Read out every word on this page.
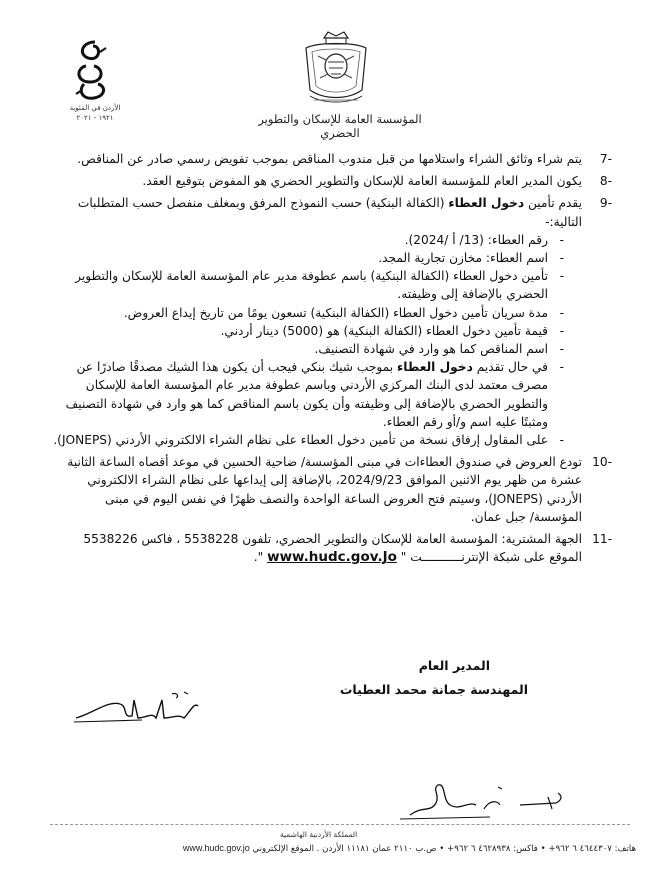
الأردن في المئوية
١٩٢١ - ٢٠٢١	المؤسسة العامة للإسكان والتطوير الحضري
-7
يتم شراء وثائق الشراء واستلامها من قبل مندوب المناقص بموجب تفويض رسمي صادر عن المناقص.
-8
يكون المدير العام للمؤسسة العامة للإسكان والتطوير الحضري هو المفوض بتوقيع العقد.
-9
يقدم تأمين دخول العطاء (الكفالة البنكية) حسب النموذج المرفق وبمغلف منفصل حسب المتطلبات التالية:-
- رقم العطاء: (13/ أ /2024).
- اسم العطاء: مخازن تجارية المجد.
- تأمين دخول العطاء (الكفالة البنكية) باسم عطوفة مدير عام المؤسسة العامة للإسكان والتطوير الحضري بالإضافة إلى وظيفته.
- مدة سريان تأمين دخول العطاء (الكفالة البنكية) تسعون يومًا من تاريخ إيداع العروض.
- قيمة تأمين دخول العطاء (الكفالة البنكية) هو (5000) دينار أردني.
- اسم المناقص كما هو وارد في شهادة التصنيف.
- في حال تقديم دخول العطاء بموجب شيك بنكي فيجب أن يكون هذا الشيك مصدقًا صادرًا عن مصرف معتمد لدى البنك المركزي الأردني وباسم عطوفة مدير عام المؤسسة العامة للإسكان والتطوير الحضري بالإضافة إلى وظيفته وأن يكون باسم المناقص كما هو وارد في شهادة التصنيف ومثبتًا عليه اسم و/أو رقم العطاء.
- على المقاول إرفاق نسخة من تأمين دخول العطاء على نظام الشراء الالكتروني الأردني (JONEPS).
-10
تودع العروض في صندوق العطاءات في مبنى المؤسسة/ ضاحية الحسين في موعد أقصاه الساعة الثانية عشرة من ظهر يوم الاثنين الموافق 2024/9/23، بالإضافة إلى إيداعها على نظام الشراء الالكتروني الأردني (JONEPS)، وسيتم فتح العروض الساعة الواحدة والنصف ظهرًا في نفس اليوم في مبنى المؤسسة/ جبل عمان.
-11
الجهة المشترية: المؤسسة العامة للإسكان والتطوير الحضري، تلفون 5538228 ، فاكس 5538226 الموقع على شبكة الإنترنـــــــــــت " www.hudc.gov.Jo ".
المدير العام
المهندسة جمانة محمد العطيات
المملكة الأردنية الهاشمية
هاتف: ٤٦٤٤٣٠٧ ٦ ٩٦٢+ • فاكس: ٤٦٢٨٩٣٨ ٦ ٩٦٢+ • ص.ب ٢١١٠ عمان ١١١٨١ الأردن . الموقع الإلكتروني www.hudc.gov.jo
